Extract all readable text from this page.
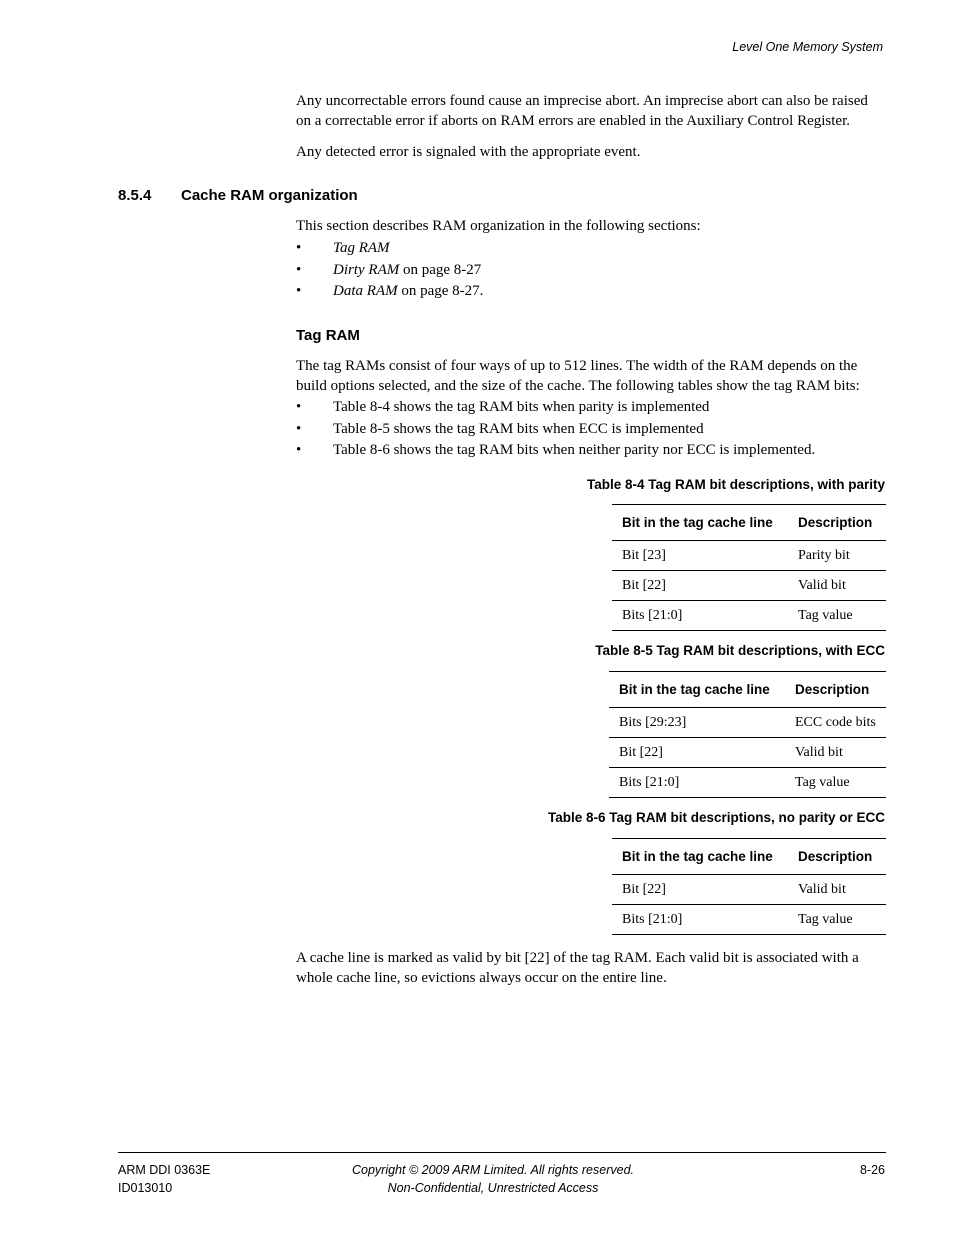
Level One Memory System

Any uncorrectable errors found cause an imprecise abort. An imprecise abort can also be raised on a correctable error if aborts on RAM errors are enabled in the Auxiliary Control Register.

Any detected error is signaled with the appropriate event.

8.5.4 Cache RAM organization

This section describes RAM organization in the following sections:

• Tag RAM
• Dirty RAM on page 8-27
• Data RAM on page 8-27.
Tag RAM

The tag RAMs consist of four ways of up to 512 lines. The width of the RAM depends on the build options selected, and the size of the cache. The following tables show the tag RAM bits:

• Table 8-4 shows the tag RAM bits when parity is implemented
• Table 8-5 shows the tag RAM bits when ECC is implemented
• Table 8-6 shows the tag RAM bits when neither parity nor ECC is implemented.
Table 8-4 Tag RAM bit descriptions, with parity
Bit in the tag cache line	Description
Bit [23]	Parity bit
Bit [22]	Valid bit
Bits [21:0]	Tag value
Table 8-5 Tag RAM bit descriptions, with ECC
Bit in the tag cache line	Description
Bits [29:23]	ECC code bits
Bit [22]	Valid bit
Bits [21:0]	Tag value
Table 8-6 Tag RAM bit descriptions, no parity or ECC
Bit in the tag cache line	Description
Bit [22]	Valid bit
Bits [21:0]	Tag value

A cache line is marked as valid by bit [22] of the tag RAM. Each valid bit is associated with a whole cache line, so evictions always occur on the entire line.

ARM DDI 0363E
ID013010
Copyright © 2009 ARM Limited. All rights reserved.
Non-Confidential, Unrestricted Access
8-26
